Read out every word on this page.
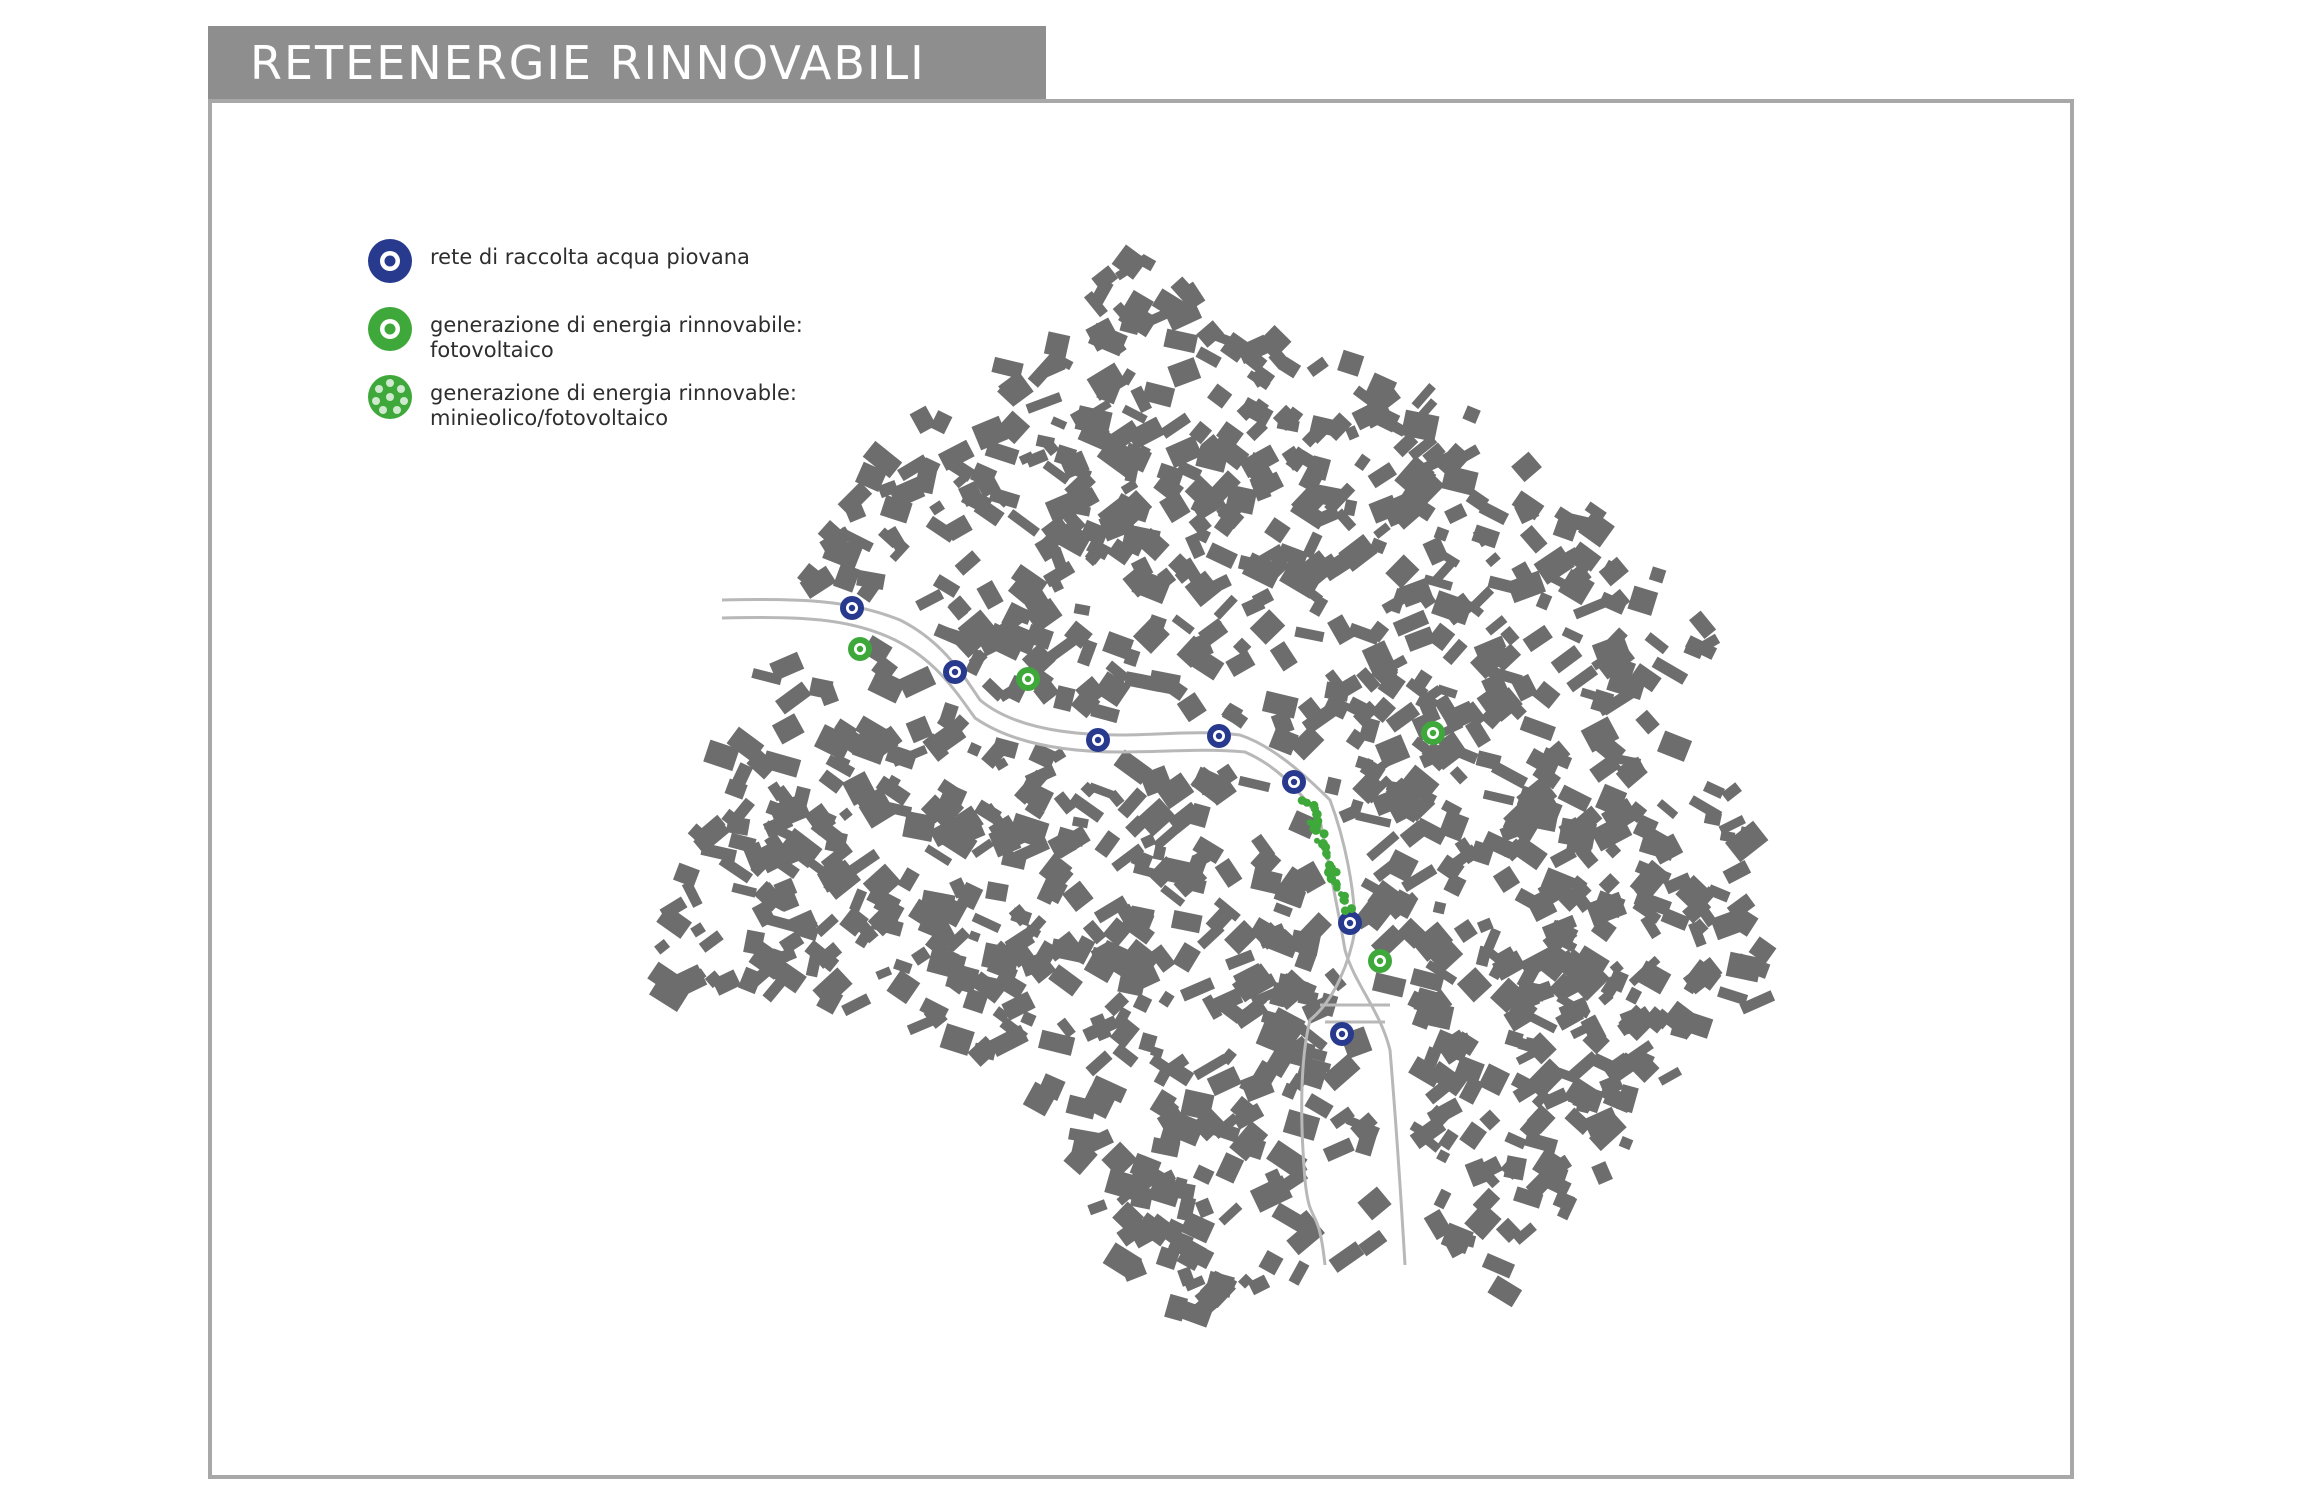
RETEENERGIE RINNOVABILI
rete di raccolta acqua piovana
generazione di energia rinnovabile:
fotovoltaico
generazione di energia rinnovable:
minieolico/fotovoltaico
